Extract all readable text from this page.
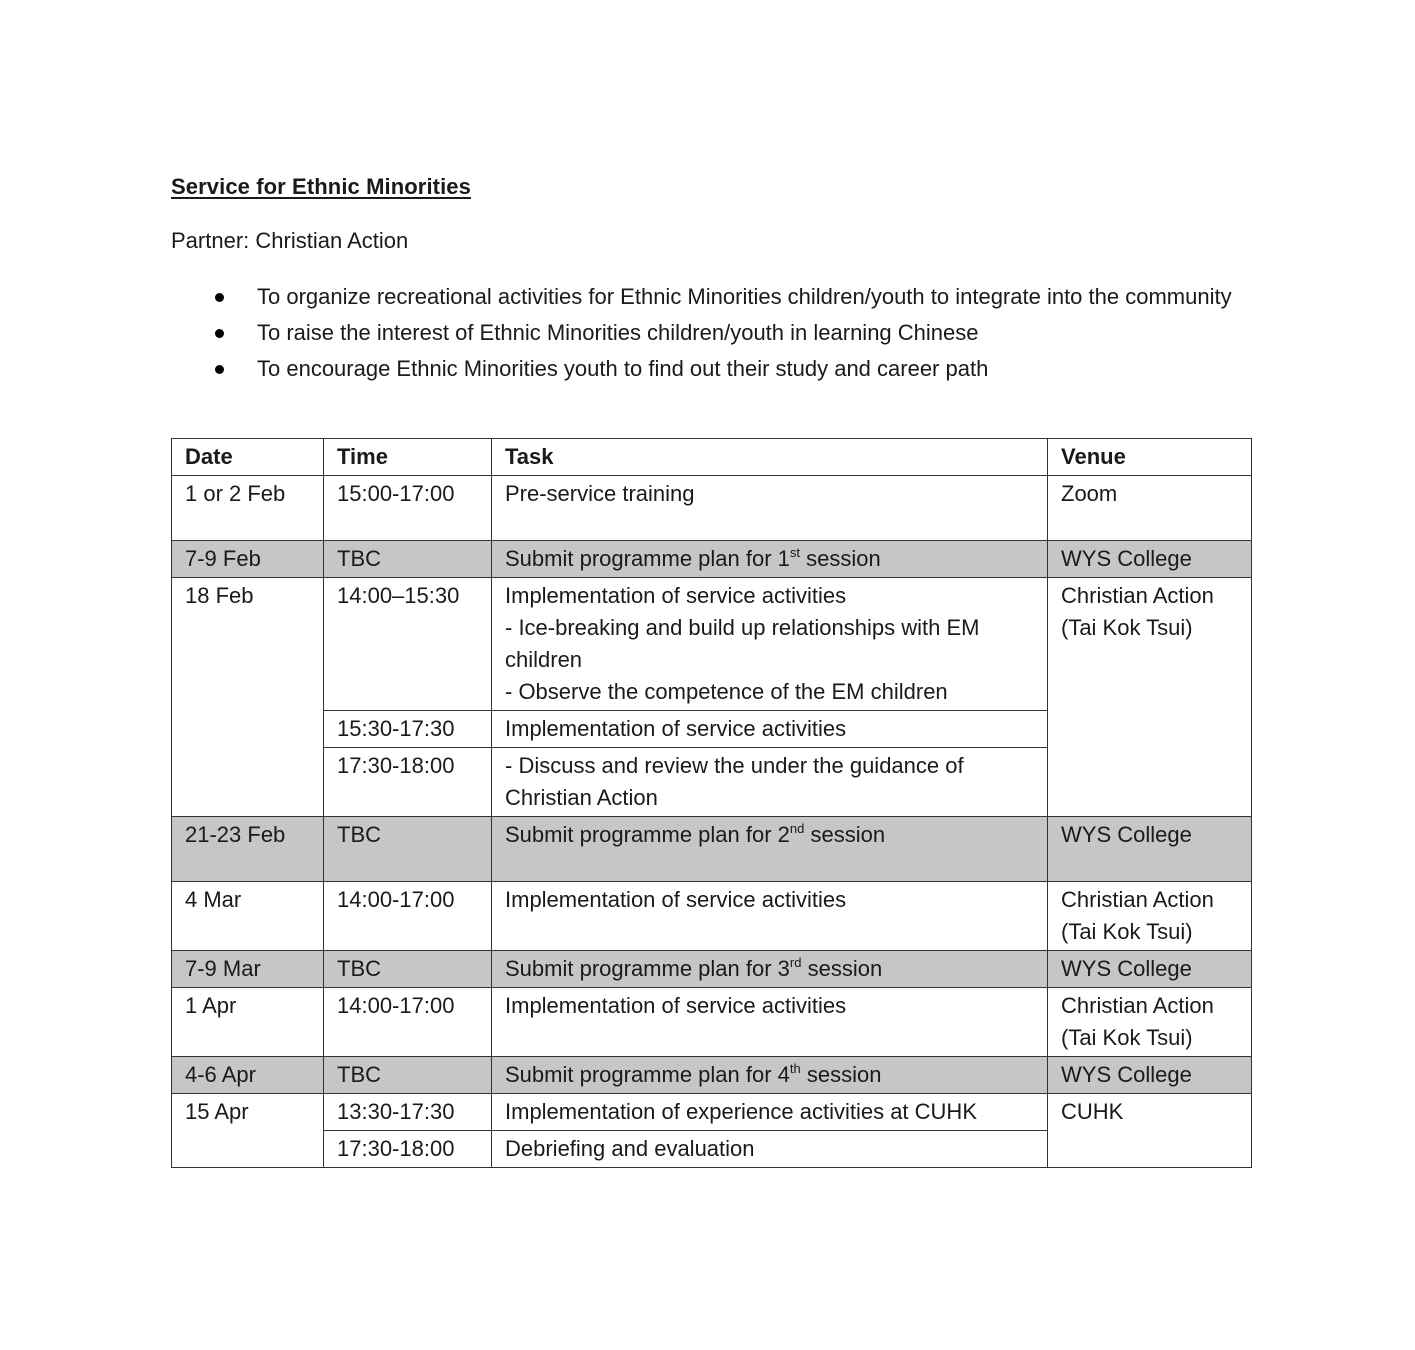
Service for Ethnic Minorities

Partner: Christian Action

To organize recreational activities for Ethnic Minorities children/youth to integrate into the community
To raise the interest of Ethnic Minorities children/youth in learning Chinese
To encourage Ethnic Minorities youth to find out their study and career path
Date	Time	Task	Venue
1 or 2 Feb	15:00-17:00	Pre-service training	Zoom
7-9 Feb	TBC	Submit programme plan for 1st session	WYS College
18 Feb	14:00–15:30	Implementation of service activities
- Ice-breaking and build up relationships with EM children
- Observe the competence of the EM children	Christian Action
(Tai Kok Tsui)

	15:30-17:30	Implementation of service activities	
	17:30-18:00	- Discuss and review the under the guidance of Christian Action	
21-23 Feb	TBC	Submit programme plan for 2nd session	WYS College
4 Mar	14:00-17:00	Implementation of service activities	Christian Action
(Tai Kok Tsui)

7-9 Mar	TBC	Submit programme plan for 3rd session	WYS College
1 Apr	14:00-17:00	Implementation of service activities	Christian Action
(Tai Kok Tsui)

4-6 Apr	TBC	Submit programme plan for 4th session	WYS College
15 Apr	13:30-17:30	Implementation of experience activities at CUHK	CUHK
	17:30-18:00	Debriefing and evaluation	
